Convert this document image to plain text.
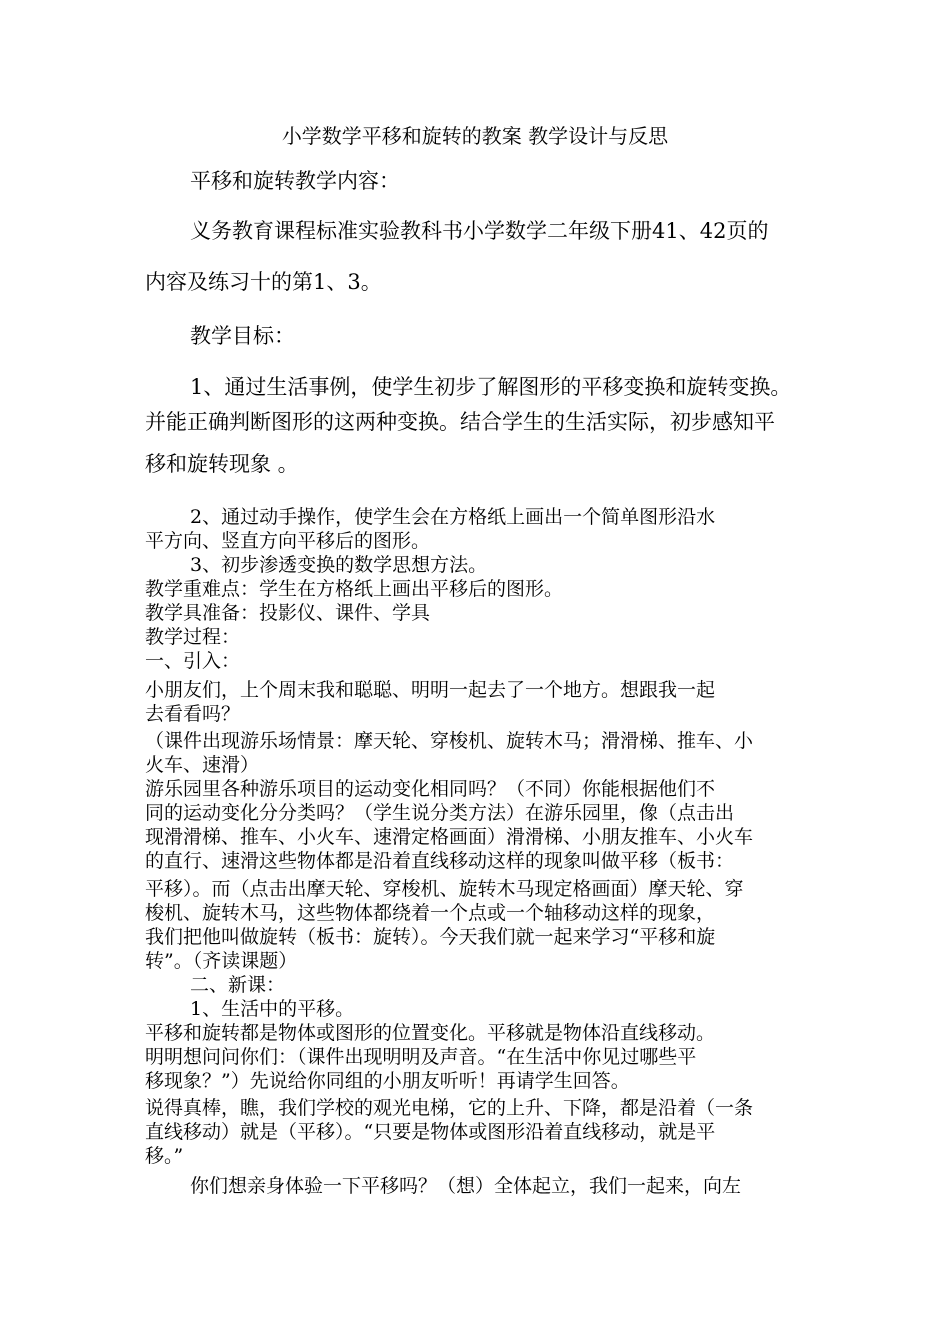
小学数学平移和旋转的教案 教学设计与反思

平移和旋转教学内容：

义务教育课程标准实验教科书小学数学二年级下册41、42页的

内容及练习十的第1、3。

教学目标：

1、通过生活事例，使学生初步了解图形的平移变换和旋转变换。

并能正确判断图形的这两种变换。结合学生的生活实际，初步感知平

移和旋转现象 。

2、通过动手操作，使学生会在方格纸上画出一个简单图形沿水

平方向、竖直方向平移后的图形。

3、初步渗透变换的数学思想方法。

教学重难点：学生在方格纸上画出平移后的图形。

教学具准备：投影仪、课件、学具

教学过程：

一、引入：

小朋友们，上个周末我和聪聪、明明一起去了一个地方。想跟我一起

去看看吗？

（课件出现游乐场情景：摩天轮、穿梭机、旋转木马；滑滑梯、推车、小

火车、速滑）

游乐园里各种游乐项目的运动变化相同吗？（不同）你能根据他们不

同的运动变化分分类吗？（学生说分类方法）在游乐园里，像（点击出

现滑滑梯、推车、小火车、速滑定格画面）滑滑梯、小朋友推车、小火车

的直行、速滑这些物体都是沿着直线移动这样的现象叫做平移（板书：

平移）。而（点击出摩天轮、穿梭机、旋转木马现定格画面）摩天轮、穿

梭机、旋转木马，这些物体都绕着一个点或一个轴移动这样的现象，

我们把他叫做旋转（板书：旋转）。今天我们就一起来学习“平移和旋

转”。（齐读课题）

二、新课：

1、生活中的平移。

平移和旋转都是物体或图形的位置变化。平移就是物体沿直线移动。

明明想问问你们：（课件出现明明及声音。“在生活中你见过哪些平

移现象？”）先说给你同组的小朋友听听！再请学生回答。

说得真棒，瞧，我们学校的观光电梯，它的上升、下降，都是沿着（一条

直线移动）就是（平移）。“只要是物体或图形沿着直线移动，就是平

移。”

你们想亲身体验一下平移吗？（想）全体起立，我们一起来，向左
